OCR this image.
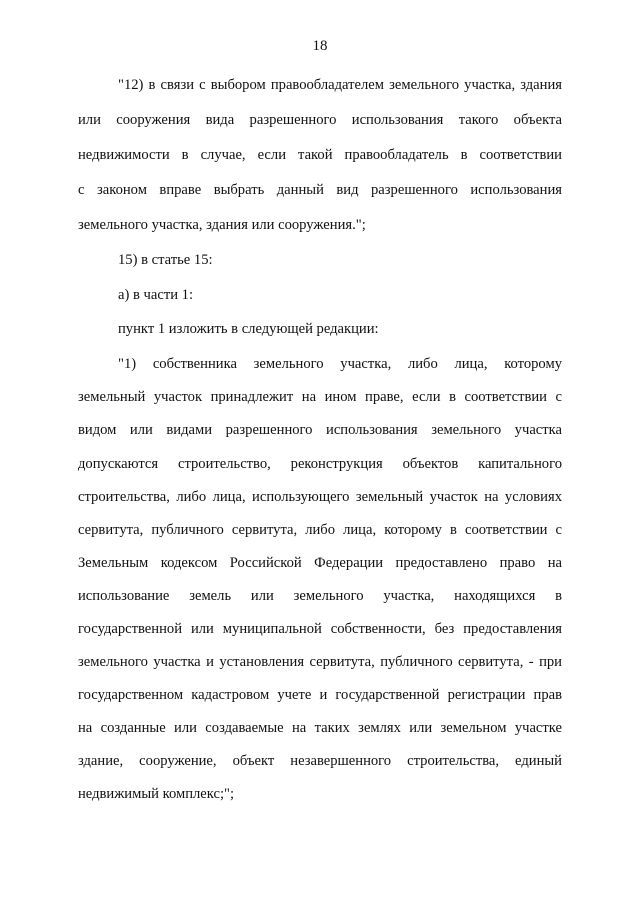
18
"12) в связи с выбором правообладателем земельного участка, здания
или сооружения вида разрешенного использования такого объекта
недвижимости в случае, если такой правообладатель в соответствии
с законом вправе выбрать данный вид разрешенного использования
земельного участка, здания или сооружения.";
15) в статье 15:
а) в части 1:
пункт 1 изложить в следующей редакции:
"1) собственника земельного участка, либо лица, которому
земельный участок принадлежит на ином праве, если в соответствии с
видом или видами разрешенного использования земельного участка
допускаются строительство, реконструкция объектов капитального
строительства, либо лица, использующего земельный участок на условиях
сервитута, публичного сервитута, либо лица, которому в соответствии с
Земельным кодексом Российской Федерации предоставлено право на
использование земель или земельного участка, находящихся в
государственной или муниципальной собственности, без предоставления
земельного участка и установления сервитута, публичного сервитута, - при
государственном кадастровом учете и государственной регистрации прав
на созданные или создаваемые на таких землях или земельном участке
здание, сооружение, объект незавершенного строительства, единый
недвижимый комплекс;";
